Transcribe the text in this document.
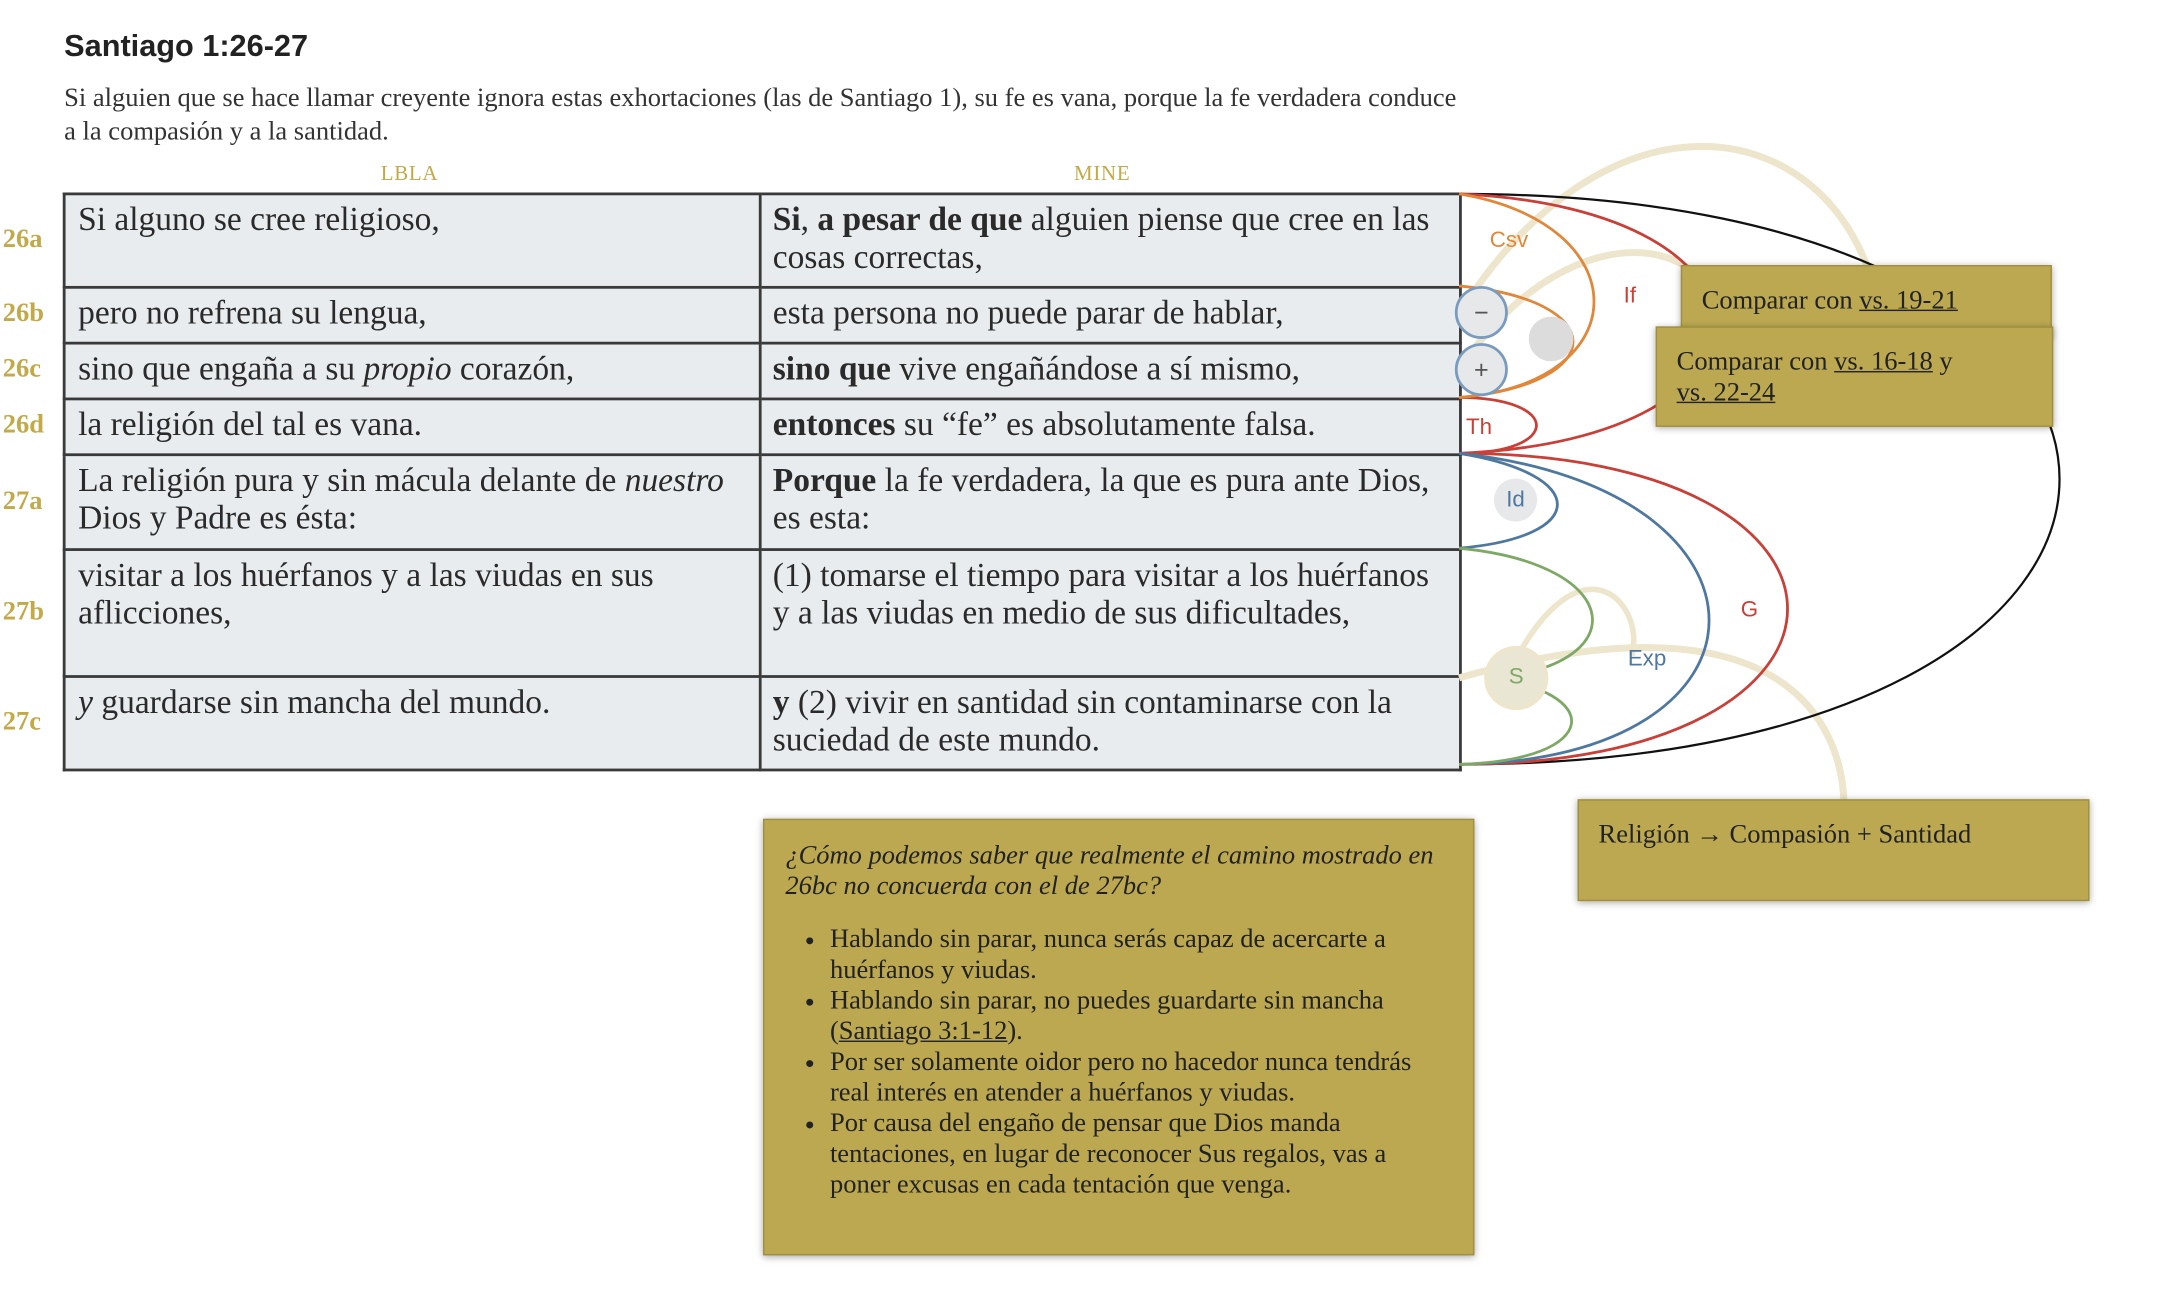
Santiago 1:26-27
Si alguien que se hace llamar creyente ignora estas exhortaciones (las de Santiago 1), su fe es vana, porque la fe verdadera conduce a la compasión y a la santidad.
LBLA	MINE
26a
26b
26c
26d
27a
27b
27c
Si alguno se cree religioso,	Si, a pesar de que alguien piense que cree en las cosas correctas,
pero no refrena su lengua,	esta persona no puede parar de hablar,
sino que engaña a su propio corazón,	sino que vive engañándose a sí mismo,
la religión del tal es vana.	entonces su “fe” es absolutamente falsa.
La religión pura y sin mácula delante de nuestro Dios y Padre es ésta:	Porque la fe verdadera, la que es pura ante Dios, es esta:
visitar a los huérfanos y a las viudas en sus aflicciones,	(1) tomarse el tiempo para visitar a los huérfanos y a las viudas en medio de sus dificultades,
y guardarse sin mancha del mundo.	y (2) vivir en santidad sin contaminarse con la suciedad de este mundo.
Csv
If
Th
G
Exp
−
+
Id
S
Comparar con vs. 19-21
Comparar con vs. 16-18 y
vs. 22-24
Religión → Compasión + Santidad
¿Cómo podemos saber que realmente el camino mostrado en 26bc no concuerda con el de 27bc?
• Hablando sin parar, nunca serás capaz de acercarte a huérfanos y viudas.
• Hablando sin parar, no puedes guardarte sin mancha (Santiago 3:1-12).
• Por ser solamente oidor pero no hacedor nunca tendrás real interés en atender a huérfanos y viudas.
• Por causa del engaño de pensar que Dios manda tentaciones, en lugar de reconocer Sus regalos, vas a poner excusas en cada tentación que venga.
